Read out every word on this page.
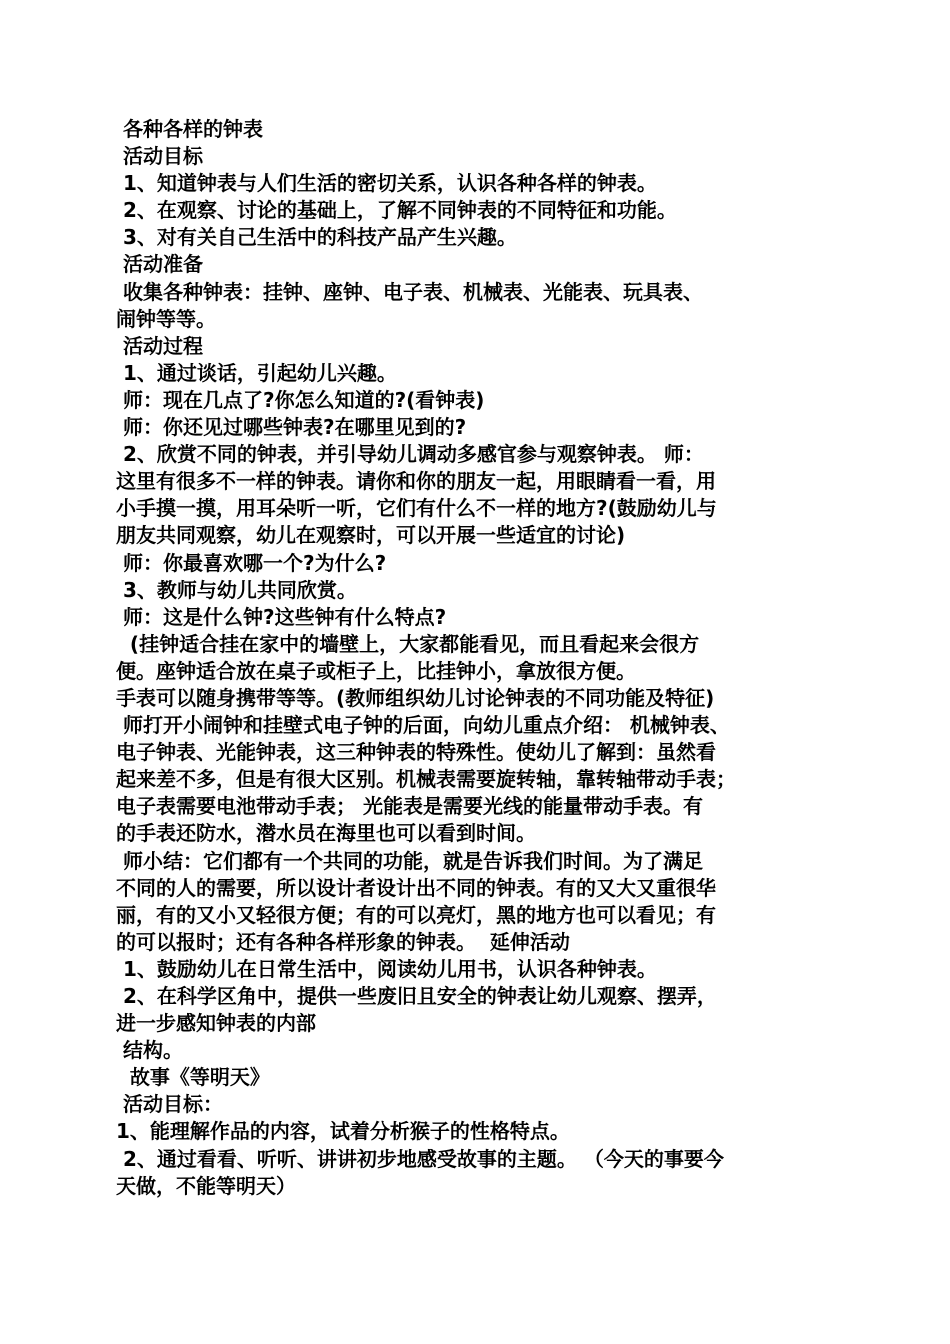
各种各样的钟表
活动目标
1、知道钟表与人们生活的密切关系，认识各种各样的钟表。
2、在观察、讨论的基础上，了解不同钟表的不同特征和功能。
3、对有关自己生活中的科技产品产生兴趣。
活动准备
收集各种钟表：挂钟、座钟、电子表、机械表、光能表、玩具表、
闹钟等等。
活动过程
1、通过谈话，引起幼儿兴趣。
师：现在几点了?你怎么知道的?(看钟表)
师：你还见过哪些钟表?在哪里见到的?
2、欣赏不同的钟表，并引导幼儿调动多感官参与观察钟表。 师：
这里有很多不一样的钟表。请你和你的朋友一起，用眼睛看一看，用
小手摸一摸，用耳朵听一听，它们有什么不一样的地方?(鼓励幼儿与
朋友共同观察，幼儿在观察时，可以开展一些适宜的讨论)
师：你最喜欢哪一个?为什么?
3、教师与幼儿共同欣赏。
师：这是什么钟?这些钟有什么特点?
(挂钟适合挂在家中的墙壁上，大家都能看见，而且看起来会很方
便。座钟适合放在桌子或柜子上，比挂钟小，拿放很方便。
手表可以随身携带等等。(教师组织幼儿讨论钟表的不同功能及特征)
师打开小闹钟和挂壁式电子钟的后面，向幼儿重点介绍： 机械钟表、
电子钟表、光能钟表，这三种钟表的特殊性。使幼儿了解到：虽然看
起来差不多，但是有很大区别。机械表需要旋转轴，靠转轴带动手表；
电子表需要电池带动手表； 光能表是需要光线的能量带动手表。有
的手表还防水，潜水员在海里也可以看到时间。
师小结：它们都有一个共同的功能，就是告诉我们时间。为了满足
不同的人的需要，所以设计者设计出不同的钟表。有的又大又重很华
丽，有的又小又轻很方便；有的可以亮灯，黑的地方也可以看见；有
的可以报时；还有各种各样形象的钟表。  延伸活动
1、鼓励幼儿在日常生活中，阅读幼儿用书，认识各种钟表。
2、在科学区角中，提供一些废旧且安全的钟表让幼儿观察、摆弄，
进一步感知钟表的内部
结构。
故事《等明天》
活动目标：
1、能理解作品的内容，试着分析猴子的性格特点。
2、通过看看、听听、讲讲初步地感受故事的主题。 （今天的事要今
天做，不能等明天）
